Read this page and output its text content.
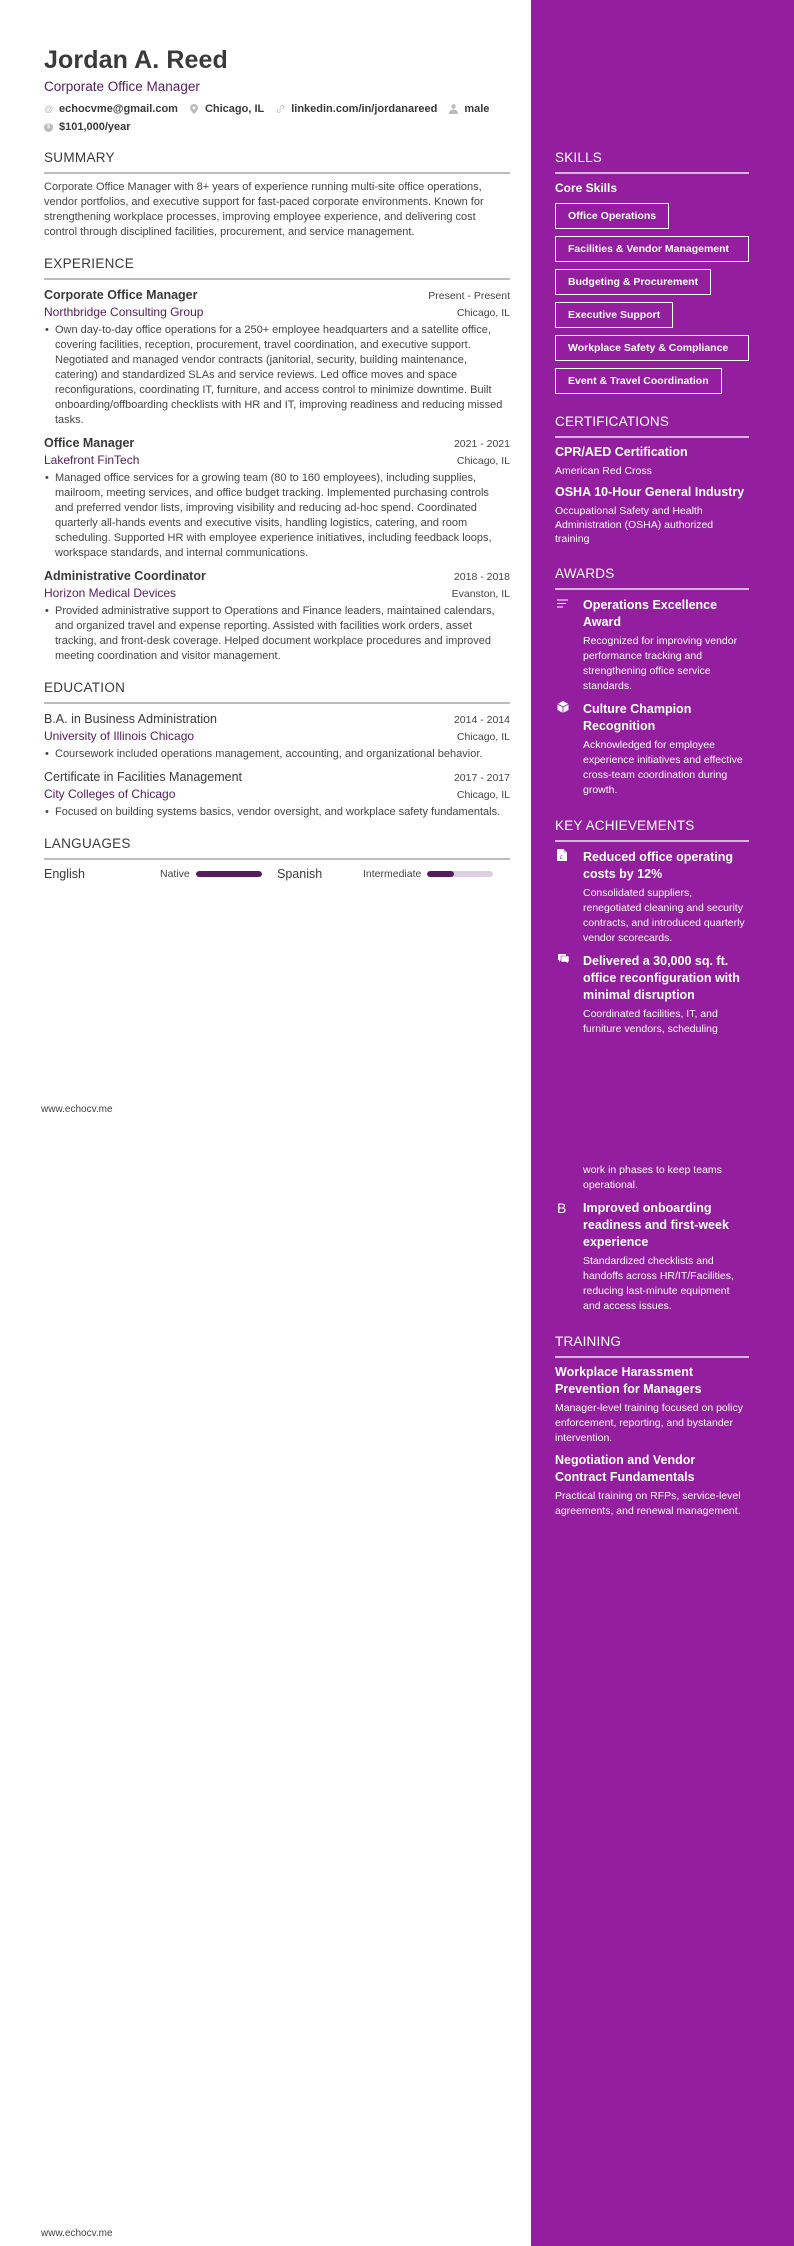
Jordan A. Reed
Corporate Office Manager
@ echocvme@gmail.com Chicago, IL linkedin.com/in/jordanareed male
$ $101,000/year
SUMMARY
Corporate Office Manager with 8+ years of experience running multi-site office operations, vendor portfolios, and executive support for fast-paced corporate environments. Known for strengthening workplace processes, improving employee experience, and delivering cost control through disciplined facilities, procurement, and service management.
EXPERIENCE
Corporate Office Manager	Present - Present
Northbridge Consulting Group	Chicago, IL
• Own day-to-day office operations for a 250+ employee headquarters and a satellite office, covering facilities, reception, procurement, travel coordination, and executive support. Negotiated and managed vendor contracts (janitorial, security, building maintenance, catering) and standardized SLAs and service reviews. Led office moves and space reconfigurations, coordinating IT, furniture, and access control to minimize downtime. Built onboarding/offboarding checklists with HR and IT, improving readiness and reducing missed tasks.
Office Manager	2021 - 2021
Lakefront FinTech	Chicago, IL
• Managed office services for a growing team (80 to 160 employees), including supplies, mailroom, meeting services, and office budget tracking. Implemented purchasing controls and preferred vendor lists, improving visibility and reducing ad-hoc spend. Coordinated quarterly all-hands events and executive visits, handling logistics, catering, and room scheduling. Supported HR with employee experience initiatives, including feedback loops, workspace standards, and internal communications.
Administrative Coordinator	2018 - 2018
Horizon Medical Devices	Evanston, IL
• Provided administrative support to Operations and Finance leaders, maintained calendars, and organized travel and expense reporting. Assisted with facilities work orders, asset tracking, and front-desk coverage. Helped document workplace procedures and improved meeting coordination and visitor management.
EDUCATION
B.A. in Business Administration	2014 - 2014
University of Illinois Chicago	Chicago, IL
• Coursework included operations management, accounting, and organizational behavior.
Certificate in Facilities Management	2017 - 2017
City Colleges of Chicago	Chicago, IL
• Focused on building systems basics, vendor oversight, and workplace safety fundamentals.
LANGUAGES
English	Native	Spanish	Intermediate
www.echocv.me
www.echocv.me
SKILLS
Core Skills
Office Operations
Facilities & Vendor Management
Budgeting & Procurement
Executive Support
Workplace Safety & Compliance
Event & Travel Coordination
CERTIFICATIONS
CPR/AED Certification
American Red Cross
OSHA 10-Hour General Industry
Occupational Safety and Health Administration (OSHA) authorized training
AWARDS
Operations Excellence Award
Recognized for improving vendor performance tracking and strengthening office service standards.
Culture Champion Recognition
Acknowledged for employee experience initiatives and effective cross-team coordination during growth.
KEY ACHIEVEMENTS
£ Reduced office operating costs by 12%
Consolidated suppliers, renegotiated cleaning and security contracts, and introduced quarterly vendor scorecards.
Delivered a 30,000 sq. ft. office reconfiguration with minimal disruption
Coordinated facilities, IT, and furniture vendors, scheduling
work in phases to keep teams operational.
B	Improved onboarding readiness and first-week experience
Standardized checklists and handoffs across HR/IT/Facilities, reducing last-minute equipment and access issues.
TRAINING
Workplace Harassment Prevention for Managers
Manager-level training focused on policy enforcement, reporting, and bystander intervention.
Negotiation and Vendor Contract Fundamentals
Practical training on RFPs, service-level agreements, and renewal management.
